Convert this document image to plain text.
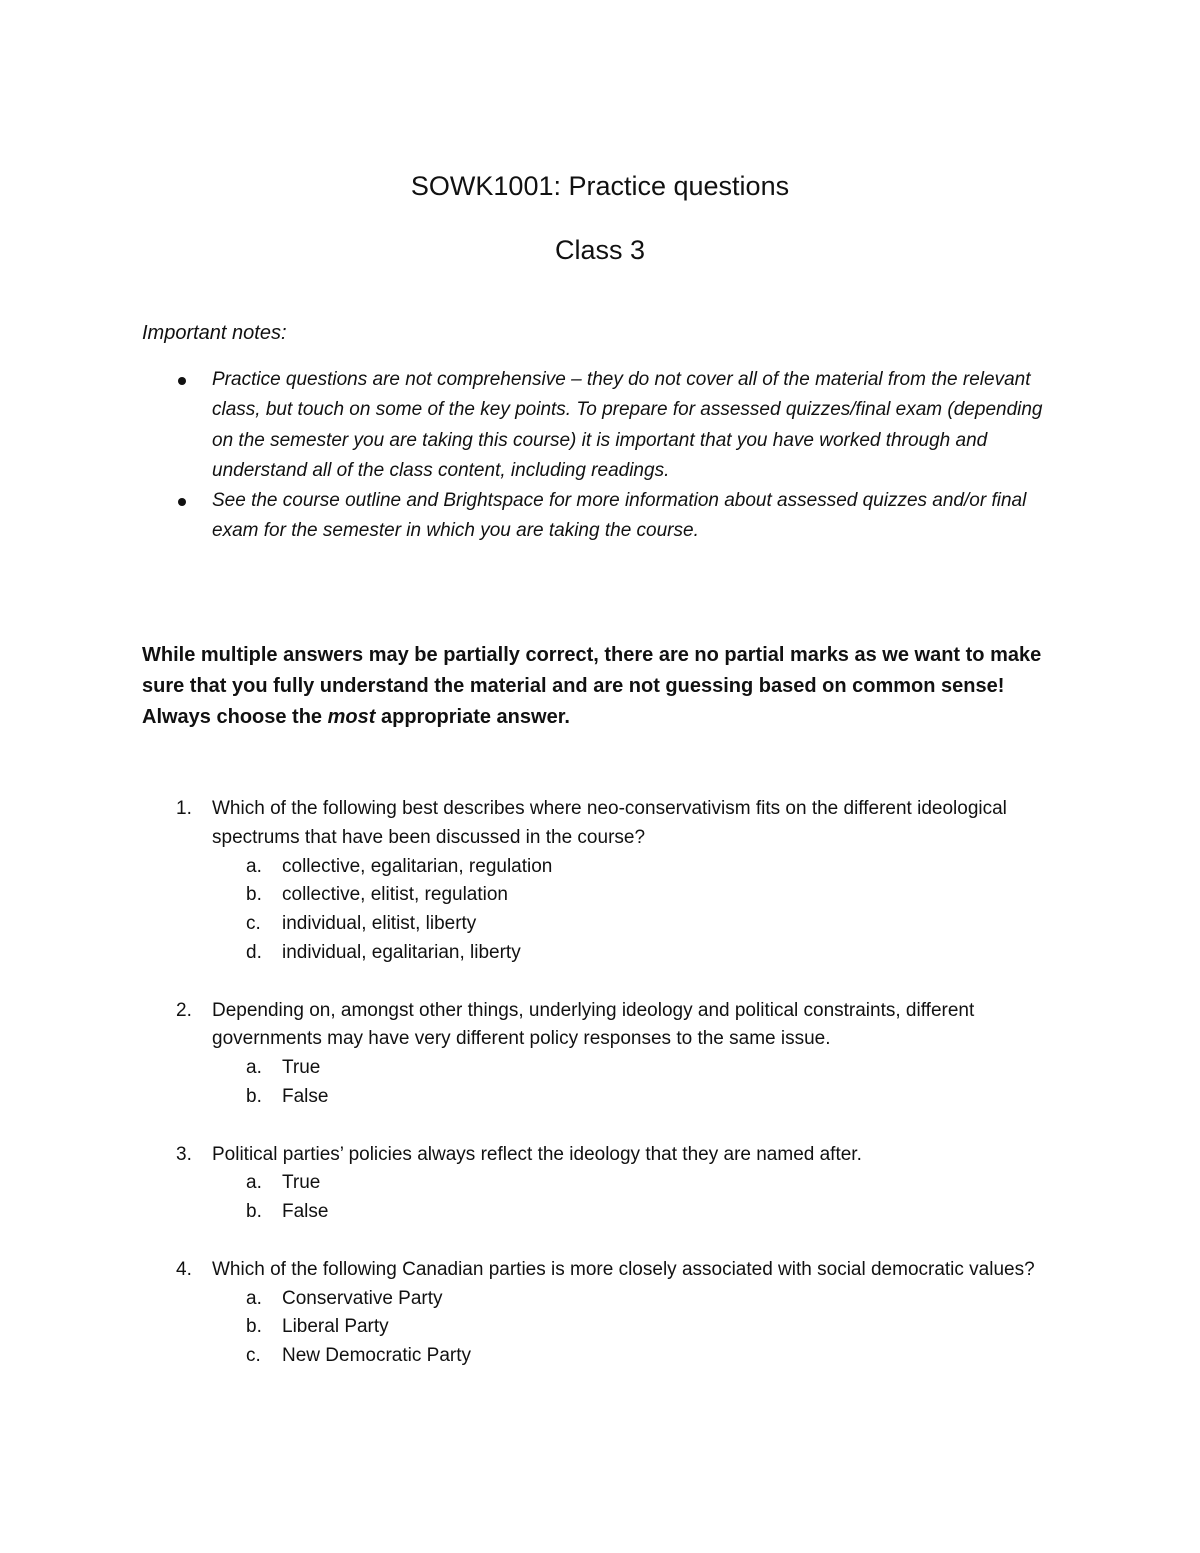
SOWK1001: Practice questions
Class 3
Important notes:
Practice questions are not comprehensive – they do not cover all of the material from the relevant class, but touch on some of the key points. To prepare for assessed quizzes/final exam (depending on the semester you are taking this course) it is important that you have worked through and understand all of the class content, including readings.
See the course outline and Brightspace for more information about assessed quizzes and/or final exam for the semester in which you are taking the course.
While multiple answers may be partially correct, there are no partial marks as we want to make sure that you fully understand the material and are not guessing based on common sense! Always choose the most appropriate answer.
1. Which of the following best describes where neo-conservativism fits on the different ideological spectrums that have been discussed in the course?
a. collective, egalitarian, regulation
b. collective, elitist, regulation
c. individual, elitist, liberty
d. individual, egalitarian, liberty
2. Depending on, amongst other things, underlying ideology and political constraints, different governments may have very different policy responses to the same issue.
a. True
b. False
3. Political parties’ policies always reflect the ideology that they are named after.
a. True
b. False
4. Which of the following Canadian parties is more closely associated with social democratic values?
a. Conservative Party
b. Liberal Party
c. New Democratic Party
